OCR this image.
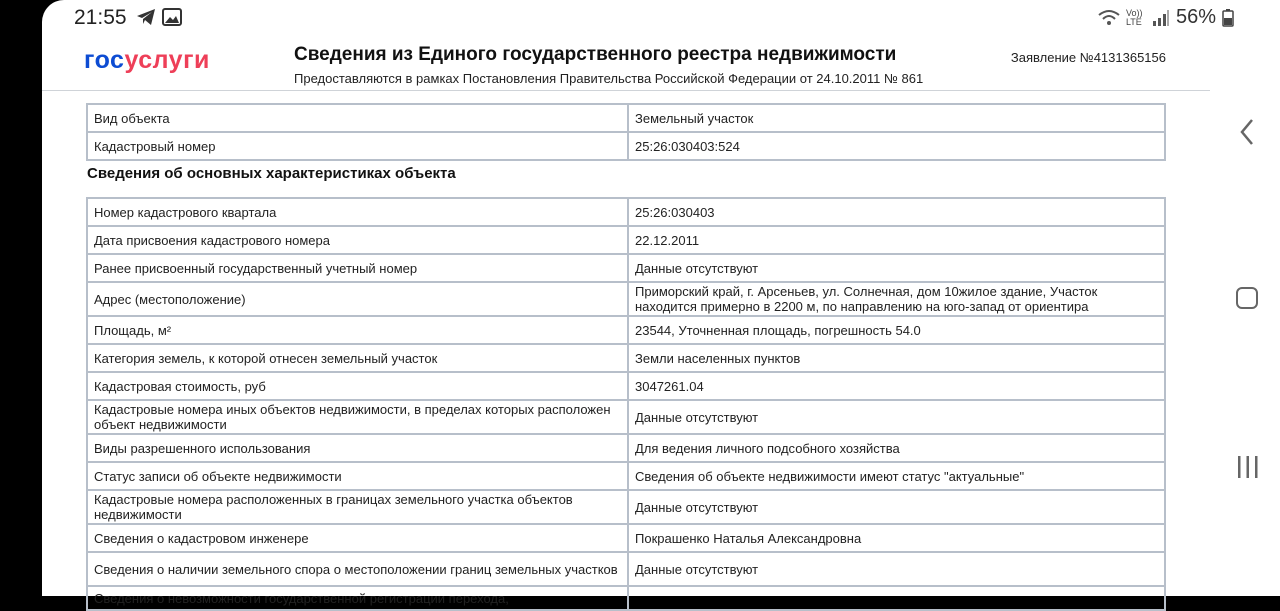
21:55	Vo)) LTE 56%
госуслуги	Сведения из Единого государственного реестра недвижимости
Предоставляются в рамках Постановления Правительства Российской Федерации от 24.10.2011 № 861
Заявление №4131365156
Вид объекта	Земельный участок
Кадастровый номер	25:26:030403:524
Сведения об основных характеристиках объекта
Номер кадастрового квартала	25:26:030403
Дата присвоения кадастрового номера	22.12.2011
Ранее присвоенный государственный учетный номер	Данные отсутствуют
Адрес (местоположение)	Приморский край, г. Арсеньев, ул. Солнечная, дом 10жилое здание, Участок находится примерно в 2200 м, по направлению на юго-запад от ориентира
Площадь, м²	23544, Уточненная площадь, погрешность 54.0
Категория земель, к которой отнесен земельный участок	Земли населенных пунктов
Кадастровая стоимость, руб	3047261.04
Кадастровые номера иных объектов недвижимости, в пределах которых расположен объект недвижимости	Данные отсутствуют
Виды разрешенного использования	Для ведения личного подсобного хозяйства
Статус записи об объекте недвижимости	Сведения об объекте недвижимости имеют статус "актуальные"
Кадастровые номера расположенных в границах земельного участка объектов недвижимости	Данные отсутствуют
Сведения о кадастровом инженере	Покрашенко Наталья Александровна
Сведения о наличии земельного спора о местоположении границ земельных участков	Данные отсутствуют
Сведения о невозможности государственной регистрации перехода,	
